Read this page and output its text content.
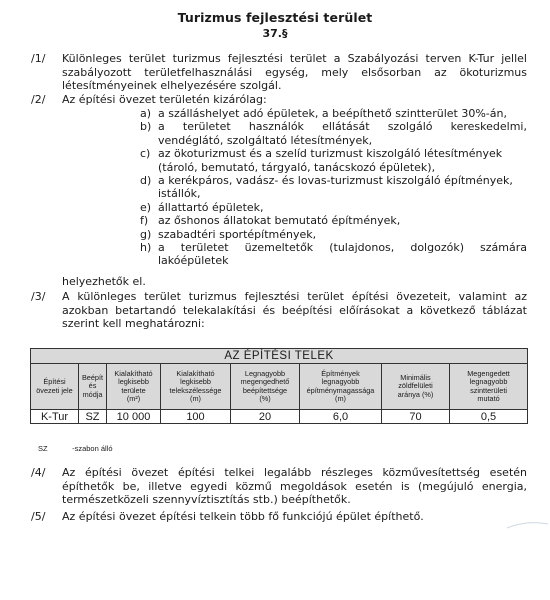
Turizmus fejlesztési terület
37.§
/1/ Különleges terület turizmus fejlesztési terület a Szabályozási terven K-Tur jellel
szabályozott területfelhasználási egység, mely elsősorban az ökoturizmus
létesítményeinek elhelyezésére szolgál.
/2/ Az építési övezet területén kizárólag:
a) a szálláshelyet adó épületek, a beépíthető szintterület 30%-án,
b) a területet használók ellátását szolgáló kereskedelmi,
vendéglátó, szolgáltató létesítmények,
c) az ökoturizmust és a szelíd turizmust kiszolgáló létesítmények
(tároló, bemutató, tárgyaló, tanácskozó épületek),
d) a kerékpáros, vadász- és lovas-turizmust kiszolgáló építmények,
istállók,
e) állattartó épületek,
f) az őshonos állatokat bemutató építmények,
g) szabadtéri sportépítmények,
h) a területet üzemeltetők (tulajdonos, dolgozók) számára
lakóépületek
helyezhetők el.
/3/ A különleges terület turizmus fejlesztési terület építési övezeteit, valamint az
azokban betartandó telekalakítási és beépítési előírásokat a következő táblázat
szerint kell meghatározni:
AZ ÉPÍTÉSI TELEK							
Építési
övezeti jele	Beépít
és
módja	Kialakítható
legkisebb
területe
(m²)	Kialakítható
legkisebb
telekszélessége
(m)	Legnagyobb
megengedhető
beépítettsége
(%)	Építmények
legnagyobb
építménymagassága
(m)	Minimális
zöldfelületi
aránya (%)	Megengedett
legnagyobb
szintterületi
mutató
K-Tur	SZ	10 000	100	20	6,0	70	0,5
SZ	-szabon álló
/4/ Az építési övezet építési telkei legalább részleges közművesítettség esetén
építhetők be, illetve egyedi közmű megoldások esetén is (megújuló energia,
természetközeli szennyvíztisztítás stb.) beépíthetők.
/5/ Az építési övezet építési telkein több fő funkciójú épület építhető.
